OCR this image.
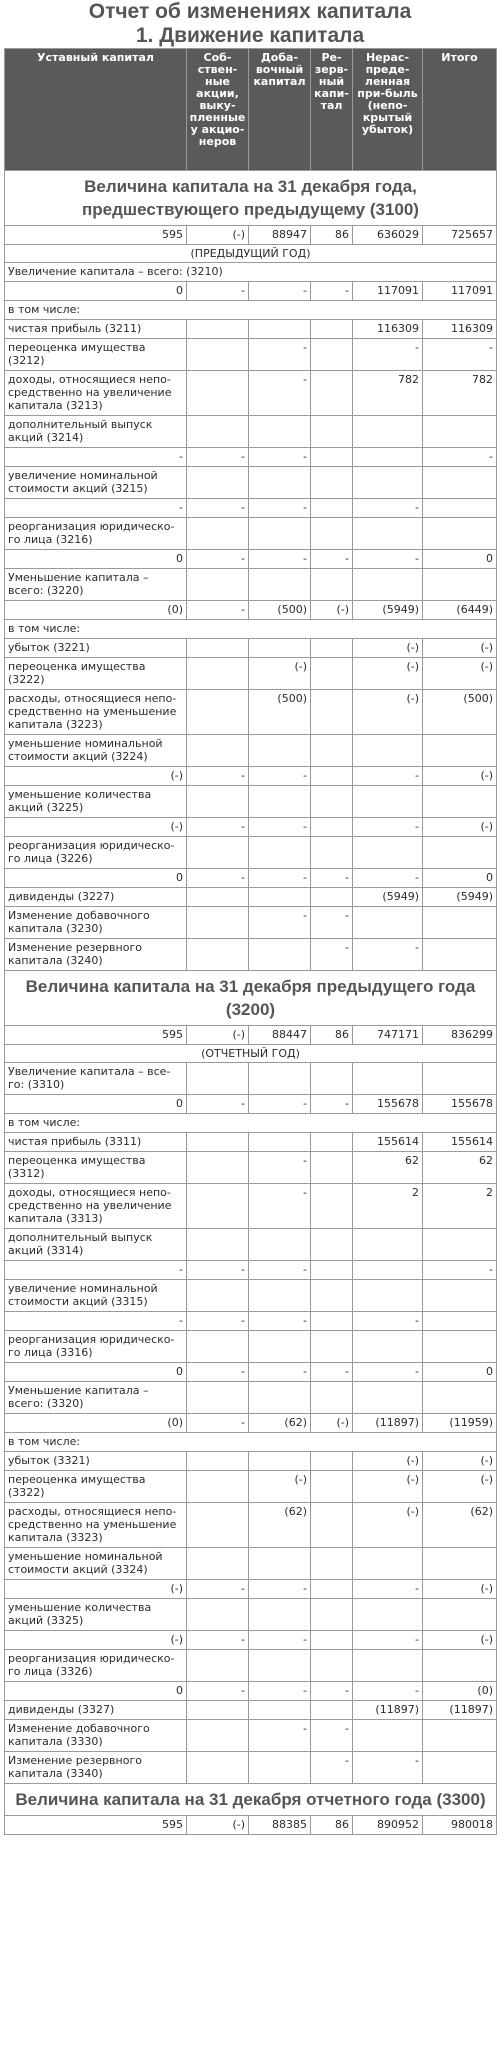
Отчет об изменениях капитала
1. Движение капитала
Уставный капитал	Соб-ствен-ные акции, выку-пленные у акцио-неров	Доба-вочный капитал	Ре-зерв-ный капи-тал	Нерас-преде-ленная при-быль (непо-крытый убыток)	Итого
Величина капитала на 31 декабря года, предшествующего предыдущему (3100)					
595	(-)	88947	86	636029	725657
(ПРЕДЫДУЩИЙ ГОД)					
Увеличение капитала – всего: (3210)					
0	-	-	-	117091	117091
в том числе:					
чистая прибыль (3211)				116309	116309
переоценка имущества (3212)		-		-	-
доходы, относящиеся непо-средственно на увеличение капитала (3213)		-		782	782
дополнительный выпуск акций (3214)					
-	-	-			-
увеличение номинальной стоимости акций (3215)					
-	-	-		-	
реорганизация юридическо-го лица (3216)					
0	-	-	-	-	0
Уменьшение капитала – всего: (3220)					
(0)	-	(500)	(-)	(5949)	(6449)
в том числе:					
убыток (3221)				(-)	(-)
переоценка имущества (3222)		(-)		(-)	(-)
расходы, относящиеся непо-средственно на уменьшение капитала (3223)		(500)		(-)	(500)
уменьшение номинальной стоимости акций (3224)					
(-)	-	-		-	(-)
уменьшение количества акций (3225)					
(-)	-	-		-	(-)
реорганизация юридическо-го лица (3226)					
0	-	-	-	-	0
дивиденды (3227)				(5949)	(5949)
Изменение добавочного капитала (3230)		-	-		
Изменение резервного капитала (3240)			-	-	
Величина капитала на 31 декабря предыдущего года (3200)					
595	(-)	88447	86	747171	836299
(ОТЧЕТНЫЙ ГОД)					
Увеличение капитала – все-го: (3310)					
0	-	-	-	155678	155678
в том числе:					
чистая прибыль (3311)				155614	155614
переоценка имущества (3312)		-		62	62
доходы, относящиеся непо-средственно на увеличение капитала (3313)		-		2	2
дополнительный выпуск акций (3314)					
-	-	-			-
увеличение номинальной стоимости акций (3315)					
-	-	-		-	
реорганизация юридическо-го лица (3316)					
0	-	-	-	-	0
Уменьшение капитала – всего: (3320)					
(0)	-	(62)	(-)	(11897)	(11959)
в том числе:					
убыток (3321)				(-)	(-)
переоценка имущества (3322)		(-)		(-)	(-)
расходы, относящиеся непо-средственно на уменьшение капитала (3323)		(62)		(-)	(62)
уменьшение номинальной стоимости акций (3324)					
(-)	-	-		-	(-)
уменьшение количества акций (3325)					
(-)	-	-		-	(-)
реорганизация юридическо-го лица (3326)					
0	-	-	-	-	(0)
дивиденды (3327)				(11897)	(11897)
Изменение добавочного капитала (3330)		-	-		
Изменение резервного капитала (3340)			-	-	
Величина капитала на 31 декабря отчетного года (3300)					
595	(-)	88385	86	890952	980018
